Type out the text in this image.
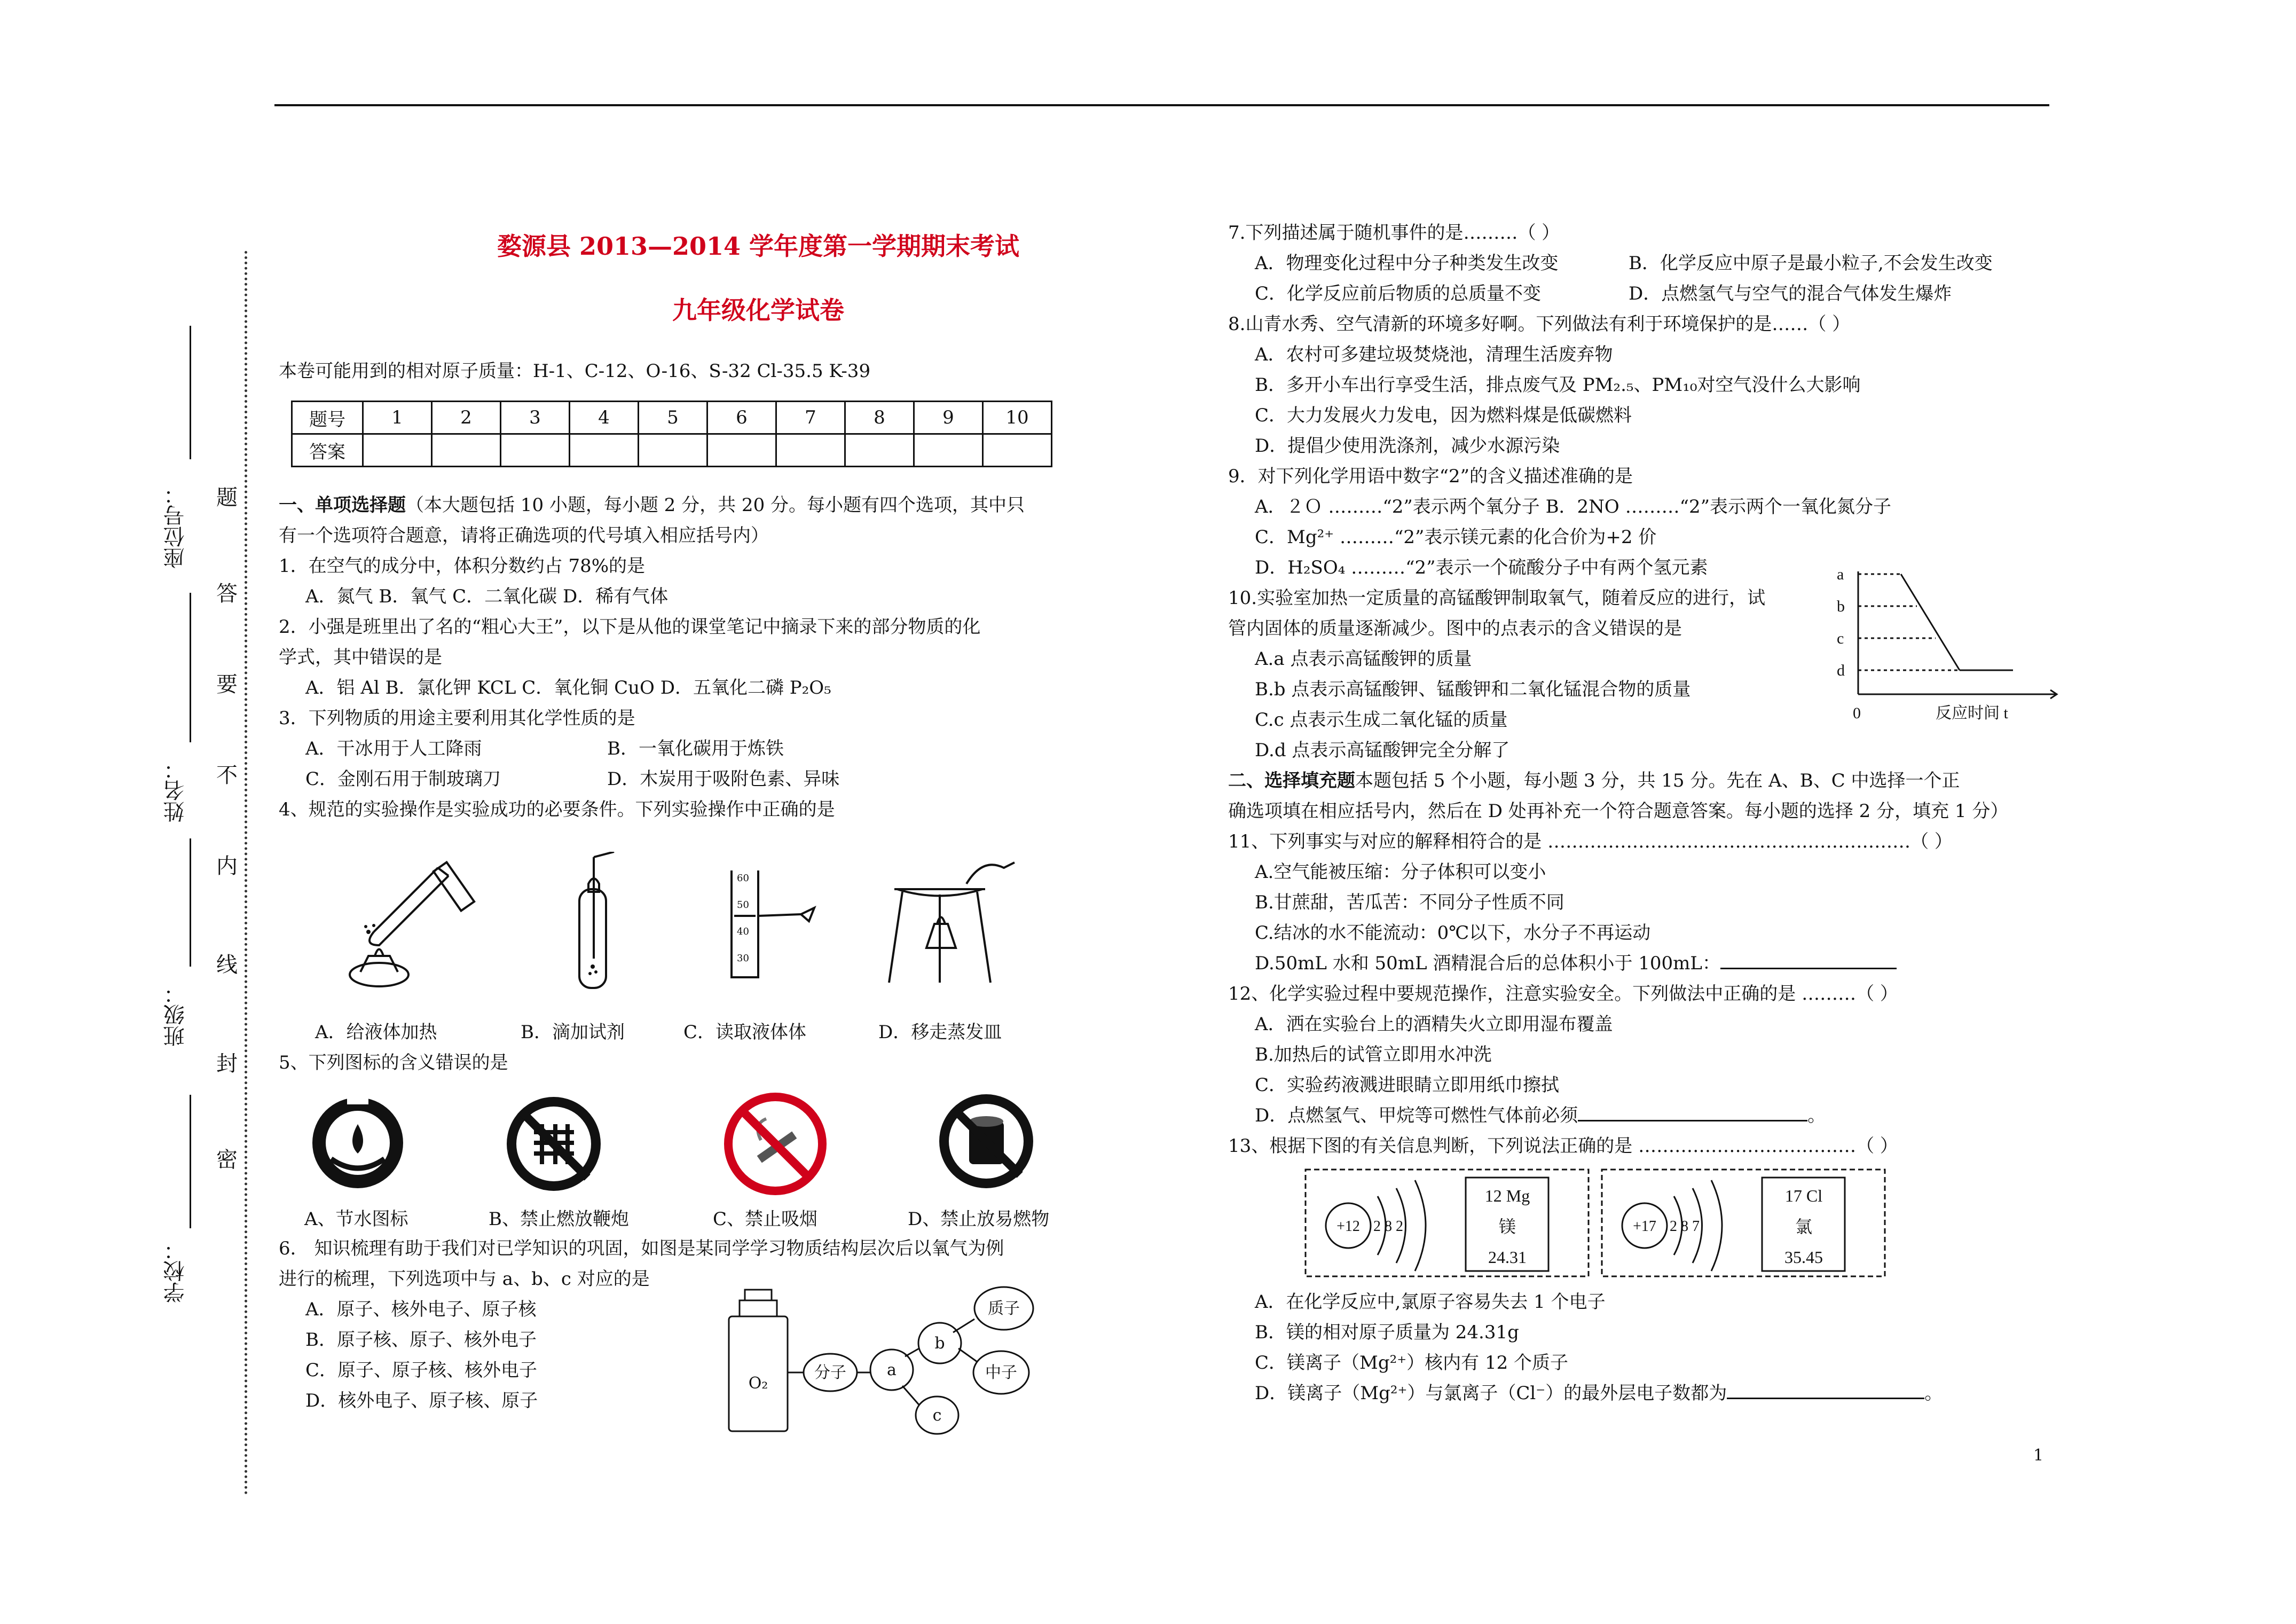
座位号：
姓名：
班级：
学校：
题
答
要
不
内
线
封
密
婺源县 2013—2014 学年度第一学期期末考试
九年级化学试卷

本卷可能用到的相对原子质量：H-1、C-12、O-16、S-32 Cl-35.5 K-39

题号	1	2	3	4	5	6	7	8	9	10
答案										

一、单项选择题（本大题包括 10 小题，每小题 2 分，共 20 分。每小题有四个选项，其中只

有一个选项符合题意，请将正确选项的代号填入相应括号内）

1．在空气的成分中，体积分数约占 78%的是

A．氮气 B．氧气 C．二氧化碳 D．稀有气体

2．小强是班里出了名的“粗心大王”，以下是从他的课堂笔记中摘录下来的部分物质的化

学式，其中错误的是

A．铝 Al B．氯化钾 KCL C．氧化铜 CuO D．五氧化二磷 P₂O₅

3．下列物质的用途主要利用其化学性质的是

A．干冰用于人工降雨	B．一氧化碳用于炼铁

C．金刚石用于制玻璃刀	D．木炭用于吸附色素、异味

4、规范的实验操作是实验成功的必要条件。下列实验操作中正确的是

60
50
40
30
A．给液体加热	B．滴加试剂	C．读取液体体	D．移走蒸发皿

5、下列图标的含义错误的是

A、节水图标	B、禁止燃放鞭炮	C、禁止吸烟	D、禁止放易燃物

6． 知识梳理有助于我们对已学知识的巩固，如图是某同学学习物质结构层次后以氧气为例

进行的梳理，下列选项中与 a、b、c 对应的是

A．原子、核外电子、原子核

B．原子核、原子、核外电子

C．原子、原子核、核外电子

D．核外电子、原子核、原子

O₂
分子	a
b
c
质子
中子

7.下列描述属于随机事件的是………（ ）

A．物理变化过程中分子种类发生改变	B．化学反应中原子是最小粒子,不会发生改变

C．化学反应前后物质的总质量不变	D．点燃氢气与空气的混合气体发生爆炸

8.山青水秀、空气清新的环境多好啊。下列做法有利于环境保护的是……（ ）

A．农村可多建垃圾焚烧池，清理生活废弃物

B．多开小车出行享受生活，排点废气及 PM₂.₅、PM₁₀对空气没什么大影响

C．大力发展火力发电，因为燃料煤是低碳燃料

D．提倡少使用洗涤剂，减少水源污染

9．对下列化学用语中数字“2”的含义描述准确的是

A．２Ｏ ………“2”表示两个氧分子 B．2NO ………“2”表示两个一氧化氮分子

C．Mg²⁺ ………“2”表示镁元素的化合价为+2 价

D．H₂SO₄ ………“2”表示一个硫酸分子中有两个氢元素

10.实验室加热一定质量的高锰酸钾制取氧气，随着反应的进行，试

管内固体的质量逐渐减少。图中的点表示的含义错误的是

A.a 点表示高锰酸钾的质量

B.b 点表示高锰酸钾、锰酸钾和二氧化锰混合物的质量

C.c 点表示生成二氧化锰的质量

D.d 点表示高锰酸钾完全分解了

二、选择填充题本题包括 5 个小题，每小题 3 分，共 15 分。先在 A、B、C 中选择一个正

确选项填在相应括号内，然后在 D 处再补充一个符合题意答案。每小题的选择 2 分，填充 1 分）

11、下列事实与对应的解释相符合的是 ……………………………………………………（ ）

A.空气能被压缩：分子体积可以变小

B.甘蔗甜，苦瓜苦：不同分子性质不同

C.结冰的水不能流动：0℃以下，水分子不再运动

D.50mL 水和 50mL 酒精混合后的总体积小于 100mL：

12、化学实验过程中要规范操作，注意实验安全。下列做法中正确的是 ………（ ）

A．洒在实验台上的酒精失火立即用湿布覆盖

B.加热后的试管立即用水冲洗

C．实验药液溅进眼睛立即用纸巾擦拭

D．点燃氢气、甲烷等可燃性气体前必须	。

13、根据下图的有关信息判断，下列说法正确的是 ………………………………（ ）

a
b
c
d
0	反应时间 t
+12 2 8 2
12 Mg
镁
24.31
+17 2 8 7
17 Cl
氯
35.45

A．在化学反应中,氯原子容易失去 1 个电子

B．镁的相对原子质量为 24.31g

C．镁离子（Mg²⁺）核内有 12 个质子

D．镁离子（Mg²⁺）与氯离子（Cl⁻）的最外层电子数都为	。

1
